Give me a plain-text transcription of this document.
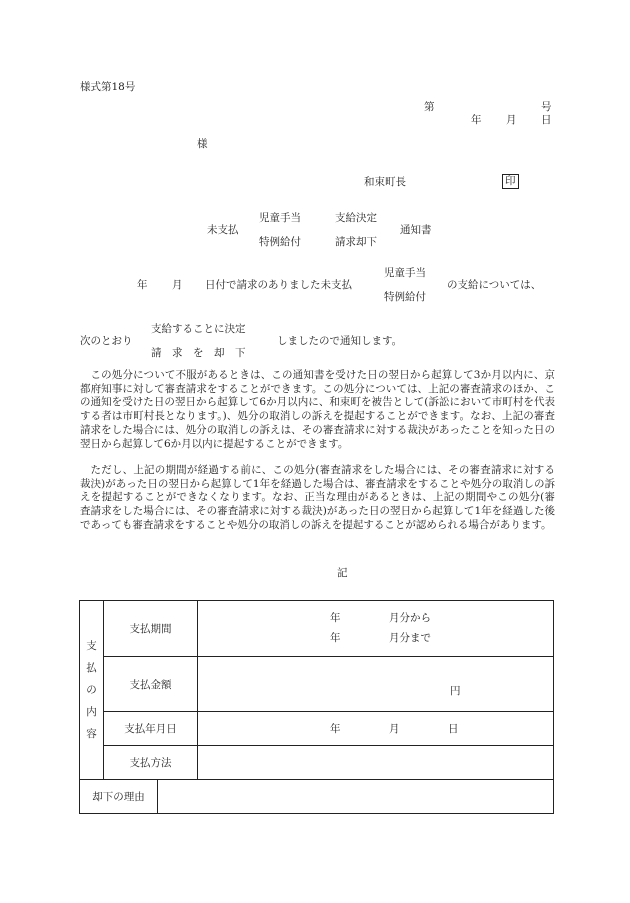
様式第18号
第	号
年 月 日
様
和束町長	印
未支払
児童手当
特例給付
支給決定
請求却下
通知書
年 月 日付で請求のありました未支払
児童手当
特例給付
の支給については、
次のとおり
支給することに決定
請　求　を　却　下
しましたので通知します。

この処分について不服があるときは、この通知書を受けた日の翌日から起算して3か月以内に、京都府知事に対して審査請求をすることができます。この処分については、上記の審査請求のほか、この通知を受けた日の翌日から起算して6か月以内に、和束町を被告として(訴訟において市町村を代表する者は市町村長となります。)、処分の取消しの訴えを提起することができます。なお、上記の審査請求をした場合には、処分の取消しの訴えは、その審査請求に対する裁決があったことを知った日の翌日から起算して6か月以内に提起することができます。

ただし、上記の期間が経過する前に、この処分(審査請求をした場合には、その審査請求に対する裁決)があった日の翌日から起算して1年を経過した場合は、審査請求をすることや処分の取消しの訴えを提起することができなくなります。なお、正当な理由があるときは、上記の期間やこの処分(審査請求をした場合には、その審査請求に対する裁決)があった日の翌日から起算して1年を経過した後であっても審査請求をすることや処分の取消しの訴えを提起することが認められる場合があります。

記
支
払
の
内
容	支払期間		年 月分から
年 月分まで

	支払金額		円

	支払年月日		年 月 日

	支払方法		
却下の理由			
